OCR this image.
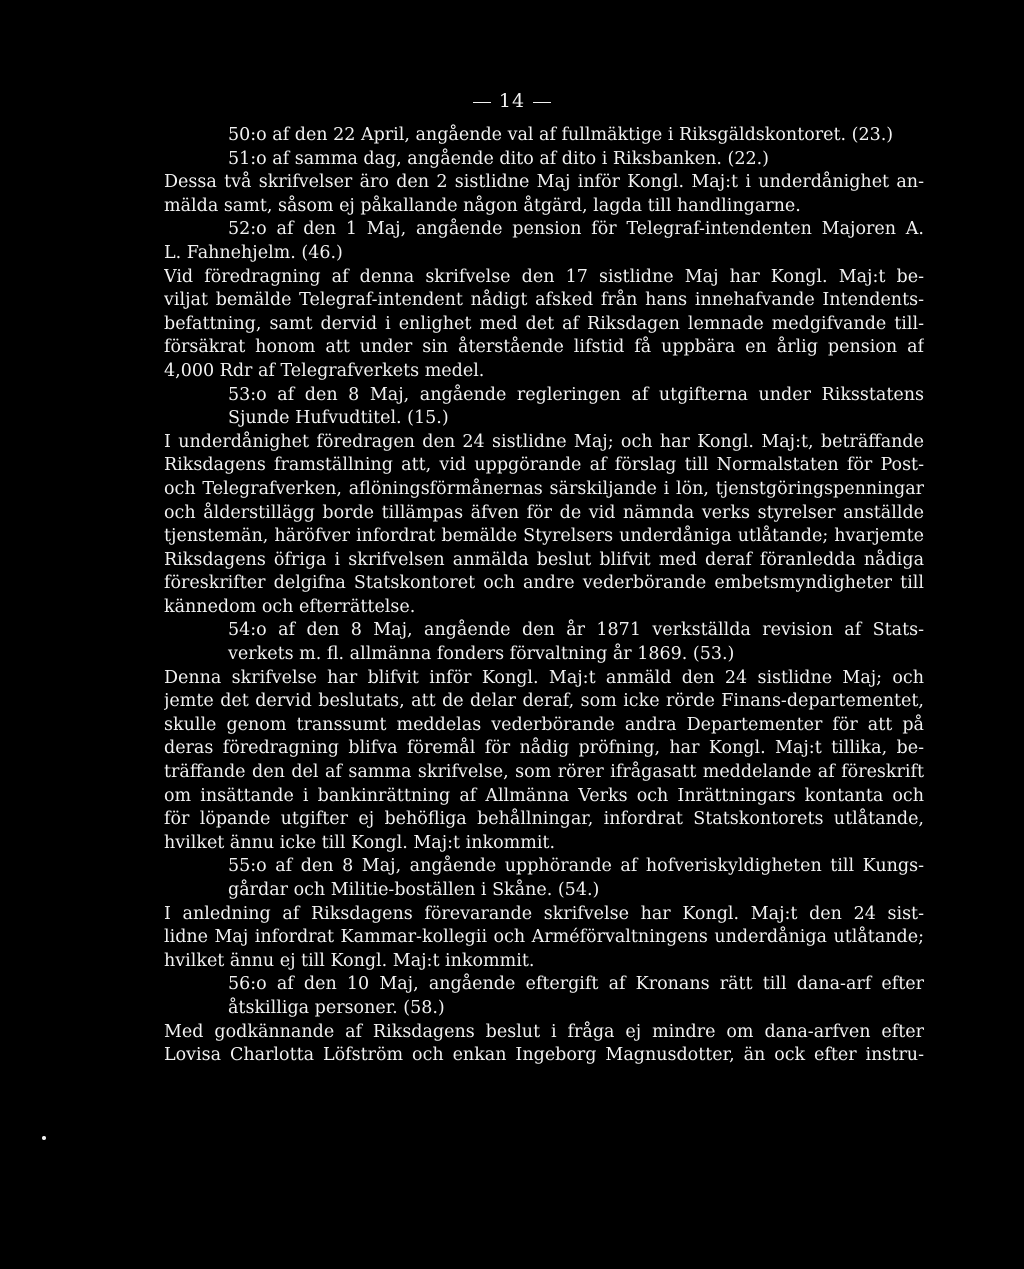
14
50:o af den 22 April, angående val af fullmäktige i Riksgäldskontoret. (23.)
51:o af samma dag, angående dito af dito i Riksbanken. (22.)
Dessa två skrifvelser äro den 2 sistlidne Maj inför Kongl. Maj:t i underdånighet an-
mälda samt, såsom ej påkallande någon åtgärd, lagda till handlingarne.
52:o af den 1 Maj, angående pension för Telegraf-intendenten Majoren A.
L. Fahnehjelm. (46.)
Vid föredragning af denna skrifvelse den 17 sistlidne Maj har Kongl. Maj:t be-
viljat bemälde Telegraf-intendent nådigt afsked från hans innehafvande Intendents-
befattning, samt dervid i enlighet med det af Riksdagen lemnade medgifvande till-
försäkrat honom att under sin återstående lifstid få uppbära en årlig pension af
4,000 Rdr af Telegrafverkets medel.
53:o af den 8 Maj, angående regleringen af utgifterna under Riksstatens
Sjunde Hufvudtitel. (15.)
I underdånighet föredragen den 24 sistlidne Maj; och har Kongl. Maj:t, beträffande
Riksdagens framställning att, vid uppgörande af förslag till Normalstaten för Post-
och Telegrafverken, aflöningsförmånernas särskiljande i lön, tjenstgöringspenningar
och ålderstillägg borde tillämpas äfven för de vid nämnda verks styrelser anställde
tjenstemän, häröfver infordrat bemälde Styrelsers underdåniga utlåtande; hvarjemte
Riksdagens öfriga i skrifvelsen anmälda beslut blifvit med deraf föranledda nådiga
föreskrifter delgifna Statskontoret och andre vederbörande embetsmyndigheter till
kännedom och efterrättelse.
54:o af den 8 Maj, angående den år 1871 verkställda revision af Stats-
verkets m. fl. allmänna fonders förvaltning år 1869. (53.)
Denna skrifvelse har blifvit inför Kongl. Maj:t anmäld den 24 sistlidne Maj; och
jemte det dervid beslutats, att de delar deraf, som icke rörde Finans-departementet,
skulle genom transsumt meddelas vederbörande andra Departementer för att på
deras föredragning blifva föremål för nådig pröfning, har Kongl. Maj:t tillika, be-
träffande den del af samma skrifvelse, som rörer ifrågasatt meddelande af föreskrift
om insättande i bankinrättning af Allmänna Verks och Inrättningars kontanta och
för löpande utgifter ej behöfliga behållningar, infordrat Statskontorets utlåtande,
hvilket ännu icke till Kongl. Maj:t inkommit.
55:o af den 8 Maj, angående upphörande af hofveriskyldigheten till Kungs-
gårdar och Militie-boställen i Skåne. (54.)
I anledning af Riksdagens förevarande skrifvelse har Kongl. Maj:t den 24 sist-
lidne Maj infordrat Kammar-kollegii och Arméförvaltningens underdåniga utlåtande;
hvilket ännu ej till Kongl. Maj:t inkommit.
56:o af den 10 Maj, angående eftergift af Kronans rätt till dana-arf efter
åtskilliga personer. (58.)
Med godkännande af Riksdagens beslut i fråga ej mindre om dana-arfven efter
Lovisa Charlotta Löfström och enkan Ingeborg Magnusdotter, än ock efter instru-
